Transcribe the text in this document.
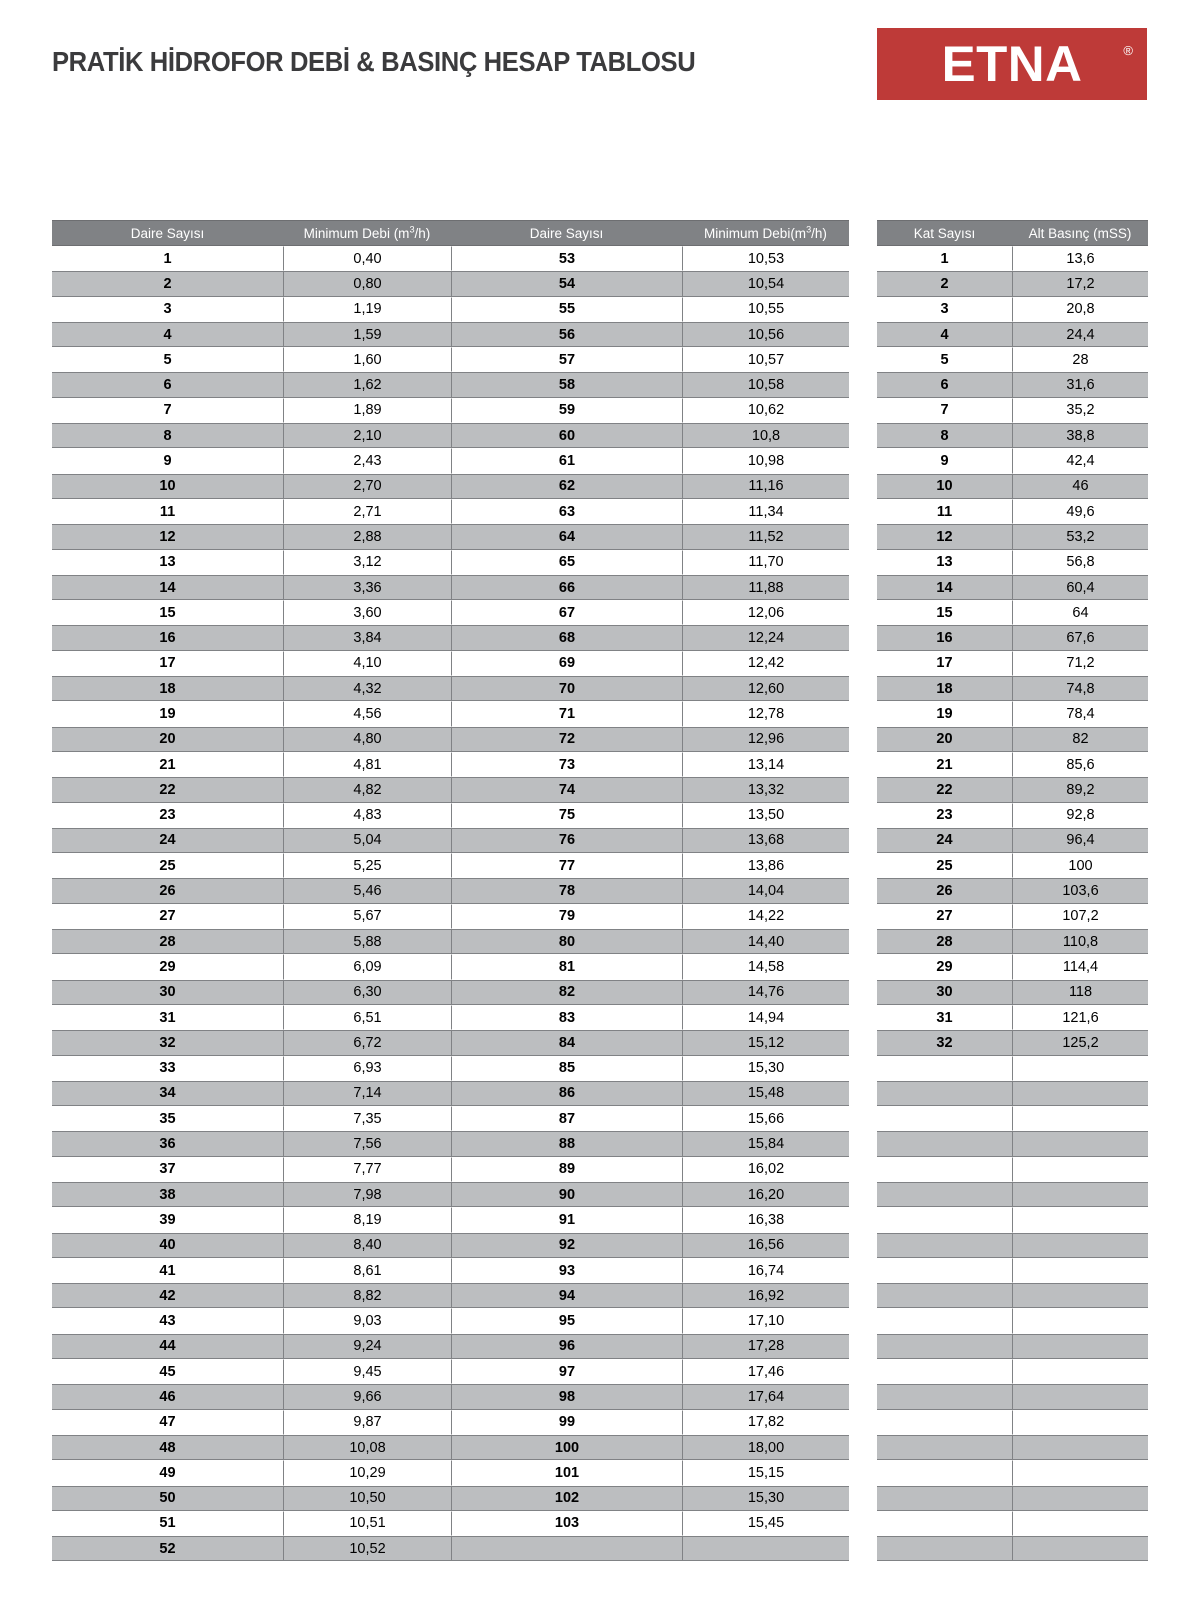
PRATİK HİDROFOR DEBİ & BASINÇ HESAP TABLOSU	ETNA	®
Daire Sayısı	Minimum Debi $(m^3/h)$	Daire Sayısı	Minimum $Debi(m^3/h)$
1	0,40	53	10,53
2	0,80	54	10,54
3	1,19	55	10,55
4	1,59	56	10,56
5	1,60	57	10,57
6	1,62	58	10,58
7	1,89	59	10,62
8	2,10	60	10,8
9	2,43	61	10,98
10	2,70	62	11,16
11	2,71	63	11,34
12	2,88	64	11,52
13	3,12	65	11,70
14	3,36	66	11,88
15	3,60	67	12,06
16	3,84	68	12,24
17	4,10	69	12,42
18	4,32	70	12,60
19	4,56	71	12,78
20	4,80	72	12,96
21	4,81	73	13,14
22	4,82	74	13,32
23	4,83	75	13,50
24	5,04	76	13,68
25	5,25	77	13,86
26	5,46	78	14,04
27	5,67	79	14,22
28	5,88	80	14,40
29	6,09	81	14,58
30	6,30	82	14,76
31	6,51	83	14,94
32	6,72	84	15,12
33	6,93	85	15,30
34	7,14	86	15,48
35	7,35	87	15,66
36	7,56	88	15,84
37	7,77	89	16,02
38	7,98	90	16,20
39	8,19	91	16,38
40	8,40	92	16,56
41	8,61	93	16,74
42	8,82	94	16,92
43	9,03	95	17,10
44	9,24	96	17,28
45	9,45	97	17,46
46	9,66	98	17,64
47	9,87	99	17,82
48	10,08	100	18,00
49	10,29	101	15,15
50	10,50	102	15,30
51	10,51	103	15,45
52	10,52		
Kat Sayısı	Alt Basınç (mSS)
1	13,6
2	17,2
3	20,8
4	24,4
5	28
6	31,6
7	35,2
8	38,8
9	42,4
10	46
11	49,6
12	53,2
13	56,8
14	60,4
15	64
16	67,6
17	71,2
18	74,8
19	78,4
20	82
21	85,6
22	89,2
23	92,8
24	96,4
25	100
26	103,6
27	107,2
28	110,8
29	114,4
30	118
31	121,6
32	125,2
